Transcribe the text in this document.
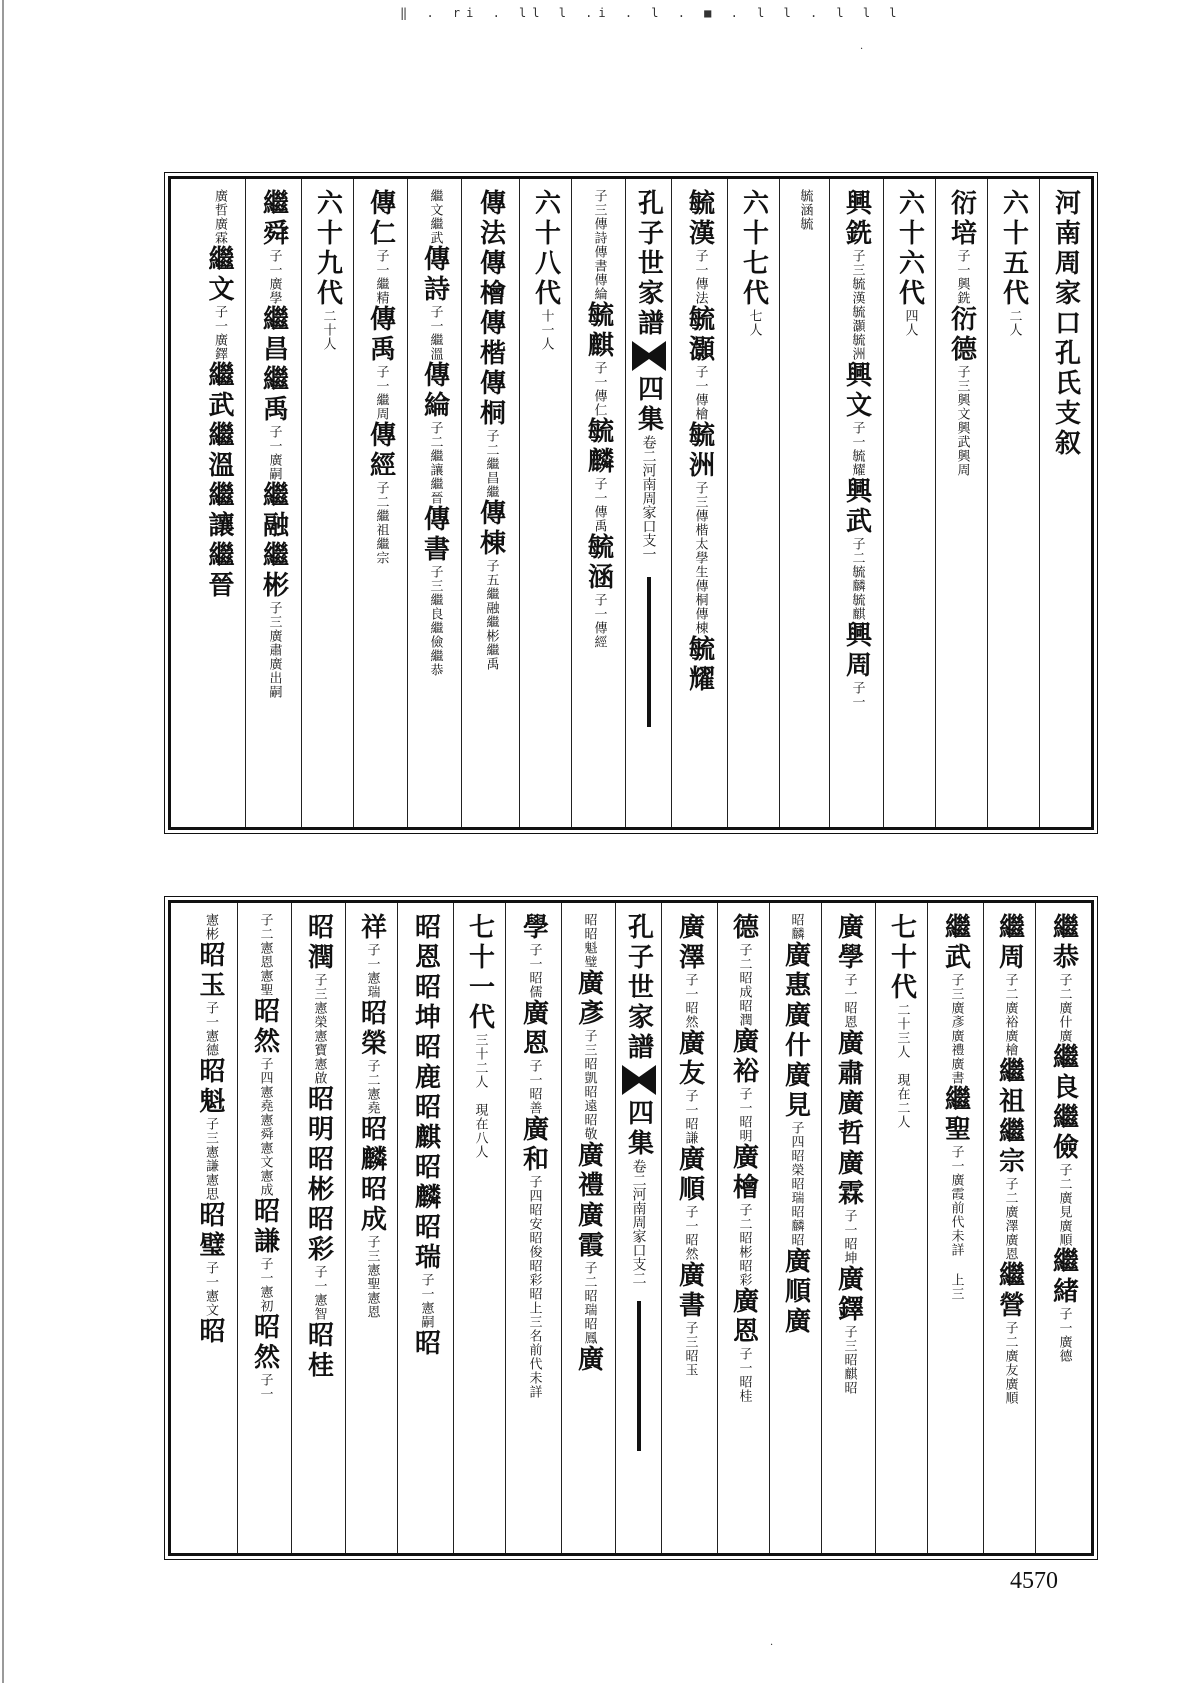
‖ . ri . ll l .i . l . ■ . l l . l l l
河南周家口孔氏支叙
六十五代
二人
衍培
子一興銑
衍德
子三興文興武興周
六十六代
四人
興銑
子三毓漢毓灝毓洲
興文
子一毓耀
興武
子二毓麟毓麒
興周
子一
毓涵毓
六十七代
七人
毓漢
子一傳法
毓灝
子一傳檜
毓洲
子三傳楷太學生傳桐傳棟
毓耀
孔子世家譜
四集
卷二
河南周家口支
一
子三傳詩傳書傳綸
毓麒
子一傳仁
毓麟
子一傳禹
毓涵
子一傳經
六十八代
十一人
傳法
傳檜
傳楷
傳桐
子二繼昌繼
傳棟
子五繼融繼彬繼禹
繼文繼武
傳詩
子一繼溫
傳綸
子二繼讓繼晉
傳書
子三繼良繼儉繼恭
傳仁
子一繼精
傳禹
子一繼周
傳經
子二繼祖繼宗
六十九代
二十人
繼舜
子一廣學
繼昌
繼禹
子一廣嗣
繼融
繼彬
子三廣肅廣出嗣
廣哲廣霖
繼文
子一廣鐸
繼武
繼溫
繼讓
繼晉
繼恭
子二廣什廣
繼良
繼儉
子二廣見廣順
繼緒
子一廣德
繼周
子二廣裕廣檜
繼祖
繼宗
子二廣澤廣恩
繼營
子二廣友廣順
繼武
子三廣彥廣禮廣書
繼聖
子一廣霞前代未詳 上三
七十代
二十三人　現在二人
廣學
子一昭恩
廣肅
廣哲
廣霖
子一昭坤
廣鐸
子三昭麒昭
昭麟
廣惠
廣什
廣見
子四昭榮昭瑞昭麟昭
廣順
廣
德
子二昭成昭潤
廣裕
子一昭明
廣檜
子二昭彬昭彩
廣恩
子一昭桂
廣澤
子一昭然
廣友
子一昭謙
廣順
子一昭然
廣書
子三昭玉
孔子世家譜
四集
卷二
河南周家口支
二
昭昭魁璧
廣彥
子三昭凱昭遠昭敬
廣禮
廣霞
子二昭瑞昭鳳
廣
學
子一昭儒
廣恩
子一昭善
廣和
子四昭安昭俊昭彩昭上三名前代未詳
七十一代
三十二人　現在八人
昭恩
昭坤
昭鹿
昭麒
昭麟
昭瑞
子一憲嗣
昭
祥
子一憲瑞
昭榮
子二憲堯
昭麟
昭成
子三憲聖憲恩
昭潤
子三憲榮憲寶憲啟
昭明
昭彬
昭彩
子一憲智
昭桂
子二憲恩憲聖
昭然
子四憲堯憲舜憲文憲成
昭謙
子一憲初
昭然
子一
憲彬
昭玉
子一憲德
昭魁
子三憲謙憲思
昭璧
子一憲文
昭
4570
·
·
